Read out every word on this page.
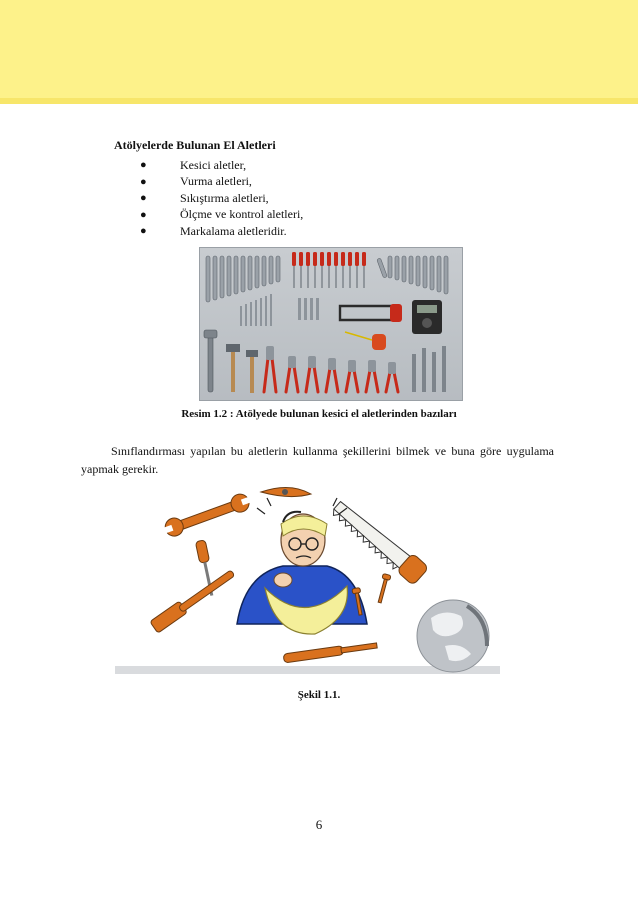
Atölyelerde Bulunan El Aletleri
●	Kesici aletler,
●	Vurma aletleri,
●	Sıkıştırma aletleri,
●	Ölçme ve kontrol aletleri,
●	Markalama aletleridir.
Resim 1.2 : Atölyede bulunan kesici el aletlerinden bazıları

Sınıflandırması yapılan bu aletlerin kullanma şekillerini bilmek ve buna göre uygulama yapmak gerekir.

Şekil 1.1.
6
